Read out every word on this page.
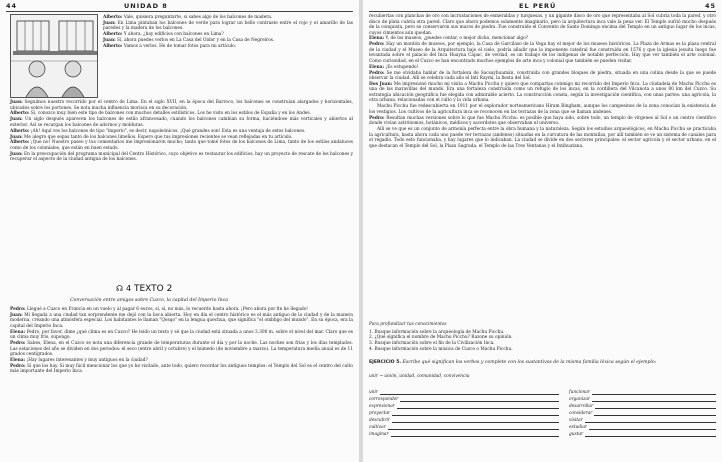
44	UNIDAD 8

Alberto: Vale, quisiera preguntarte, si sabes algo de los balcones de madera.

Juan: En Lima pintaban los balcones de verde para lograr un bello contraste entre el rojo y el amarillo de las paredes y la madera de los balcones.

Alberto: Y ahora, ¿hay edificios con balcones en Lima?

Juan: Sí, ahora puedes verlos en La Casa del Oidor y en la Casa de Negreiros.

Alberto: Vamos a verlos. He de tomar fotos para mi artículo.

Juan: Seguimos nuestro recorrido por el centro de Lima. En el siglo XVII, en la época del Barroco, los balcones se construían alargados y horizontales, ubicados sobre los portones. Se nota mucha influencia morisca en su decoración.

Alberto: Sí, conozco muy bien este tipo de balcones con muchos detalles estilísticos. Los he visto en los estilos de España y en los Andes.

Juan: Un siglo después aparecen los balcones de estilo afrancesado, cuando los balcones cambian su forma, haciéndose más verticales y abiertos al exterior. Así se recargan los balcones de adornos y molduras.

Alberto: ¡Ah! Aquí ves los balcones de tipo "imperio", es decir, napoleónicos. ¡Qué grandes son! Esta es una ventaja de estos balcones.

Juan: Me alegro que sepas tanto de los balcones limeños. Espero que tus impresiones recientes se vean reflejadas en tu artículo.

Alberto: ¡Que no! Nuestro paseo y tus comentarios me impresionaron mucho; tanto que tomé fotos de los balcones de Lima, tanto de los estilos andaluces como de los coloniales, que están en buen estado.

Juan: En la preocupación del programa municipal del Centro Histórico, cuyo objetivo es restaurar los edificios, hay un proyecto de rescate de los balcones y recuperar el aspecto de la ciudad antigua de los balcones.

☊ 4 TEXTO 2
Conversación entre amigos sobre Cuzco, la capital del Imperio Inca

Pedro: Llegué a Cuzco en Francia en un vuelo y al pagar 6 euros, sí, sí, no más, lo recuerdo hasta ahora. ¡Pero ahora por fin he llegado!

Juan: Mi llegada a una ciudad tan sorprendente me dejó con la boca abierta. Hoy en día el centro histórico es el más antiguo de la ciudad y de la manera moderna, creando una atmósfera especial. Los habitantes le llaman "Qosqo" en la lengua quechua, que significa "el ombligo del mundo". En su época, era la capital del Imperio Inca.

Elena: Pedro, por favor, dime ¿qué clima es en Cuzco? He leído un texto y sé que la ciudad está situada a unos 3.300 m. sobre el nivel del mar. Claro que es un clima muy frío, supongo.

Pedro: Sabes, Elena, en el Cuzco se nota una diferencia grande de temperaturas durante el día y por la noche. Las noches son frías y los días templados. Las estaciones del año se dividen en dos periodos: el seco (entre abril y octubre) y el húmedo (de noviembre a marzo). La temperatura media anual es de 11 grados centígrados.

Elena: ¡Hay lugares interesantes y muy antiguos en la ciudad?

Pedro: Sí que los hay. Si muy fácil mencionar los que yo he visitado, ante todo, quiero recordar los antiguos templos: el Templo del Sol es el centro del culto más importante del Imperio Inca.

EL PERÚ	45

recubiertas con planchas de oro con incrustaciones de esmeraldas y turquesas, y un gigante disco de oro que representaba al Sol cubría toda la pared, y otro disco de plata cubría otra pared. Claro que ahora podemos solamente imaginarlo, pero la arquitectura inca vale la pena ver. El Templo sufrió mucho después de la conquista, pero se conservaron sus muros de piedra. Fue construido el Convento de Santo Domingo encima del Templo en un antiguo lugar de los incas, cuyos cimientos aún quedan.

Elena: Y, de los museos, ¿puedes contar, o mejor dicho, mencionar algo?

Pedro: Hay un montón de museos, por ejemplo, la Casa de Garcilaso de la Vega hay el mejor de los museos históricos. La Plaza de Armas es la plaza central de la ciudad y el Museo de la Arquitectura bajo el cielo, podría añadir que la imponente catedral fue construida en 1576 y que la iglesia jesuita luego fue levantada sobre el palacio del Inca Huayna Cápac, de verdad, es un trabajo de los indígenas de notable perfección. Hay que ver también el arte colonial. Como curiosidad, en el Cuzco se han encontrado muchos ejemplos de arte inca y colonial que también se pueden visitar.

Elena: ¡Es estupendo!

Pedro: Se me olvidaba hablar de la fortaleza de Sacsayhuamán, construida con grandes bloques de piedra, situada en una colina desde la que se puede observar la ciudad. Allí se celebra cada año el Inti Raymi, la fiesta del Sol.

Dos Juan: Me impresionó mucho mi visita a Machu Picchu y quiero que compartas conmigo mi recorrido del Imperio Inca. La ciudadela de Machu Picchu es una de las maravillas del mundo. Era una fortaleza construida como un refugio de los incas, en la cordillera del Vilcanota a unos 80 km del Cuzco. Su estrategia ubicación geográfica fue elegida con admirable acierto. La construcción consta, según la investigación científica, con unas partes: una agrícola, la otra urbana, relacionadas con el culto y la vida urbana.

Machu Picchu fue redescubierta en 1911 por el explorador norteamericano Hiram Bingham, aunque los campesinos de la zona conocían la existencia de los vestigios. Los cultivos de la agricultura inca se reconocen en las terrazas de la zona que se llaman andenes.

Pedro: Resultan muchas versiones sobre lo que fue Machu Picchu: es posible que haya sido, sobre todo, un templo de vírgenes al Sol o un centro científico donde vivían astrónomos, botánicos, médicos y sacerdotes que observaban el universo.

Allí se ve que es un conjunto de armonía perfecta entre la obra humana y la naturaleza. Según los estudios arqueológicos, en Machu Picchu se practicaba la agricultura, hasta ahora cada uno puede ver terrazas (andenes) situadas en la curvatura de las montañas, por allí también se ve un sistema de canales para el regadío. Todo esto funcionaba, y hay lugares que lo indicaban. La ciudad se divide en dos sectores principales: el sector agrícola y el sector urbano, en el que destacan el Templo del Sol, la Plaza Sagrada, el Templo de las Tres Ventanas y el Intihuatana.

Para profundizar tus conocimientos

1. Busque información sobre la arqueología de Machu Picchu.

2. ¿Qué significa el nombre de Machu Picchu? Razone su opinión.

3. Busque información sobre el fin de la Civilización Inca.

4. Busque información sobre la música de Cuzco o Machu Picchu.

EJERCICIO 5. Escribe qué significan los verbos y complete con los sustantivos de la misma familia léxica según el ejemplo:
unir → unión, unidad, comunidad, convivencia
unir
corresponder
expresionar
proyectar
descubrir
cultivar
imaginar
funcionar
organizar
desarrollar
considerar
visitar
estudiar
gustar
